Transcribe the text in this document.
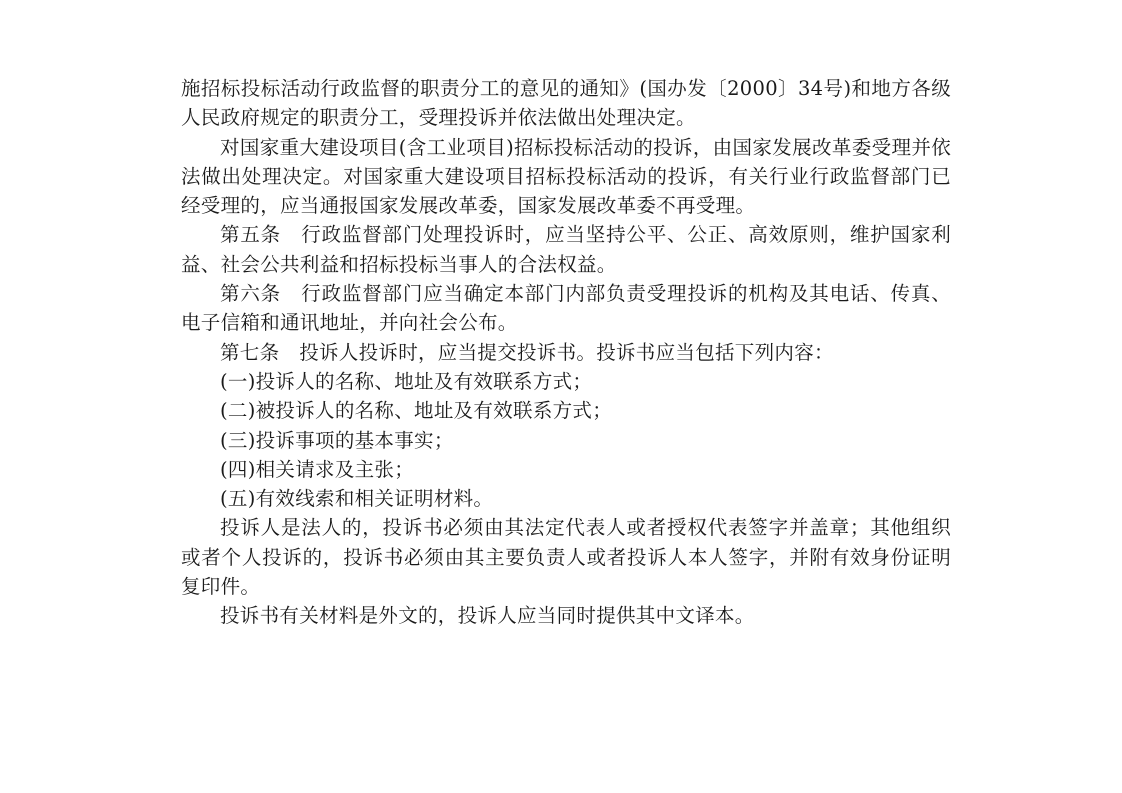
施招标投标活动行政监督的职责分工的意见的通知》(国办发〔2000〕34号)和地方各级人民政府规定的职责分工，受理投诉并依法做出处理决定。

对国家重大建设项目(含工业项目)招标投标活动的投诉，由国家发展改革委受理并依法做出处理决定。对国家重大建设项目招标投标活动的投诉，有关行业行政监督部门已经受理的，应当通报国家发展改革委，国家发展改革委不再受理。

第五条　行政监督部门处理投诉时，应当坚持公平、公正、高效原则，维护国家利益、社会公共利益和招标投标当事人的合法权益。

第六条　行政监督部门应当确定本部门内部负责受理投诉的机构及其电话、传真、电子信箱和通讯地址，并向社会公布。

第七条　投诉人投诉时，应当提交投诉书。投诉书应当包括下列内容：

(一)投诉人的名称、地址及有效联系方式；

(二)被投诉人的名称、地址及有效联系方式；

(三)投诉事项的基本事实；

(四)相关请求及主张；

(五)有效线索和相关证明材料。

投诉人是法人的，投诉书必须由其法定代表人或者授权代表签字并盖章；其他组织或者个人投诉的，投诉书必须由其主要负责人或者投诉人本人签字，并附有效身份证明复印件。

投诉书有关材料是外文的，投诉人应当同时提供其中文译本。
